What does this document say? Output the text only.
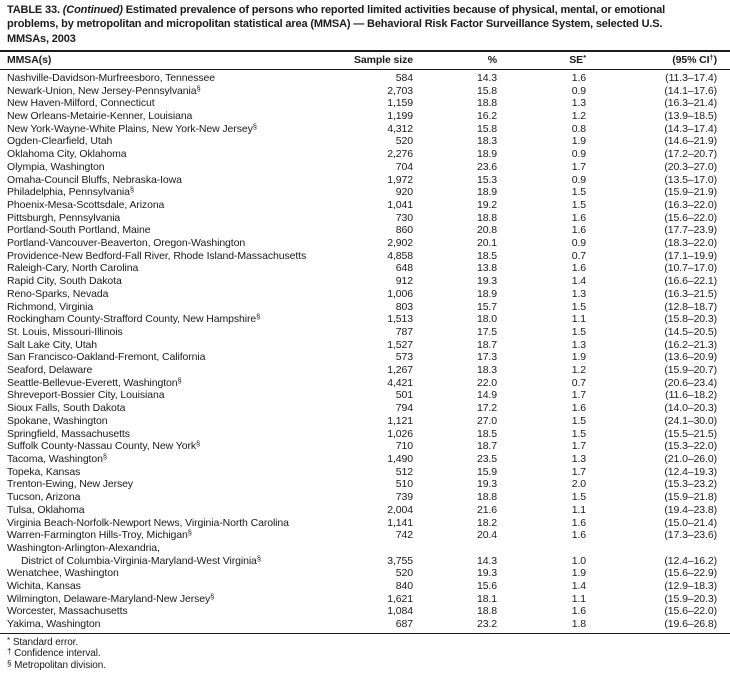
TABLE 33. (Continued) Estimated prevalence of persons who reported limited activities because of physical, mental, or emotional
problems, by metropolitan and micropolitan statistical area (MMSA) — Behavioral Risk Factor Surveillance System, selected U.S.
MMSAs, 2003
MMSA(s)	Sample size	%	SE*	(95% CI†)
Nashville-Davidson-Murfreesboro, Tennessee	584	14.3	1.6	(11.3–17.4)
Newark-Union, New Jersey-Pennsylvania§	2,703	15.8	0.9	(14.1–17.6)
New Haven-Milford, Connecticut	1,159	18.8	1.3	(16.3–21.4)
New Orleans-Metairie-Kenner, Louisiana	1,199	16.2	1.2	(13.9–18.5)
New York-Wayne-White Plains, New York-New Jersey§	4,312	15.8	0.8	(14.3–17.4)
Ogden-Clearfield, Utah	520	18.3	1.9	(14.6–21.9)
Oklahoma City, Oklahoma	2,276	18.9	0.9	(17.2–20.7)
Olympia, Washington	704	23.6	1.7	(20.3–27.0)
Omaha-Council Bluffs, Nebraska-Iowa	1,972	15.3	0.9	(13.5–17.0)
Philadelphia, Pennsylvania§	920	18.9	1.5	(15.9–21.9)
Phoenix-Mesa-Scottsdale, Arizona	1,041	19.2	1.5	(16.3–22.0)
Pittsburgh, Pennsylvania	730	18.8	1.6	(15.6–22.0)
Portland-South Portland, Maine	860	20.8	1.6	(17.7–23.9)
Portland-Vancouver-Beaverton, Oregon-Washington	2,902	20.1	0.9	(18.3–22.0)
Providence-New Bedford-Fall River, Rhode Island-Massachusetts	4,858	18.5	0.7	(17.1–19.9)
Raleigh-Cary, North Carolina	648	13.8	1.6	(10.7–17.0)
Rapid City, South Dakota	912	19.3	1.4	(16.6–22.1)
Reno-Sparks, Nevada	1,006	18.9	1.3	(16.3–21.5)
Richmond, Virginia	803	15.7	1.5	(12.8–18.7)
Rockingham County-Strafford County, New Hampshire§	1,513	18.0	1.1	(15.8–20.3)
St. Louis, Missouri-Illinois	787	17.5	1.5	(14.5–20.5)
Salt Lake City, Utah	1,527	18.7	1.3	(16.2–21.3)
San Francisco-Oakland-Fremont, California	573	17.3	1.9	(13.6–20.9)
Seaford, Delaware	1,267	18.3	1.2	(15.9–20.7)
Seattle-Bellevue-Everett, Washington§	4,421	22.0	0.7	(20.6–23.4)
Shreveport-Bossier City, Louisiana	501	14.9	1.7	(11.6–18.2)
Sioux Falls, South Dakota	794	17.2	1.6	(14.0–20.3)
Spokane, Washington	1,121	27.0	1.5	(24.1–30.0)
Springfield, Massachusetts	1,026	18.5	1.5	(15.5–21.5)
Suffolk County-Nassau County, New York§	710	18.7	1.7	(15.3–22.0)
Tacoma, Washington§	1,490	23.5	1.3	(21.0–26.0)
Topeka, Kansas	512	15.9	1.7	(12.4–19.3)
Trenton-Ewing, New Jersey	510	19.3	2.0	(15.3–23.2)
Tucson, Arizona	739	18.8	1.5	(15.9–21.8)
Tulsa, Oklahoma	2,004	21.6	1.1	(19.4–23.8)
Virginia Beach-Norfolk-Newport News, Virginia-North Carolina	1,141	18.2	1.6	(15.0–21.4)
Warren-Farmington Hills-Troy, Michigan§	742	20.4	1.6	(17.3–23.6)
Washington-Arlington-Alexandria,				
District of Columbia-Virginia-Maryland-West Virginia§	3,755	14.3	1.0	(12.4–16.2)
Wenatchee, Washington	520	19.3	1.9	(15.6–22.9)
Wichita, Kansas	840	15.6	1.4	(12.9–18.3)
Wilmington, Delaware-Maryland-New Jersey§	1,621	18.1	1.1	(15.9–20.3)
Worcester, Massachusetts	1,084	18.8	1.6	(15.6–22.0)
Yakima, Washington	687	23.2	1.8	(19.6–26.8)
* Standard error.
† Confidence interval.
§ Metropolitan division.
